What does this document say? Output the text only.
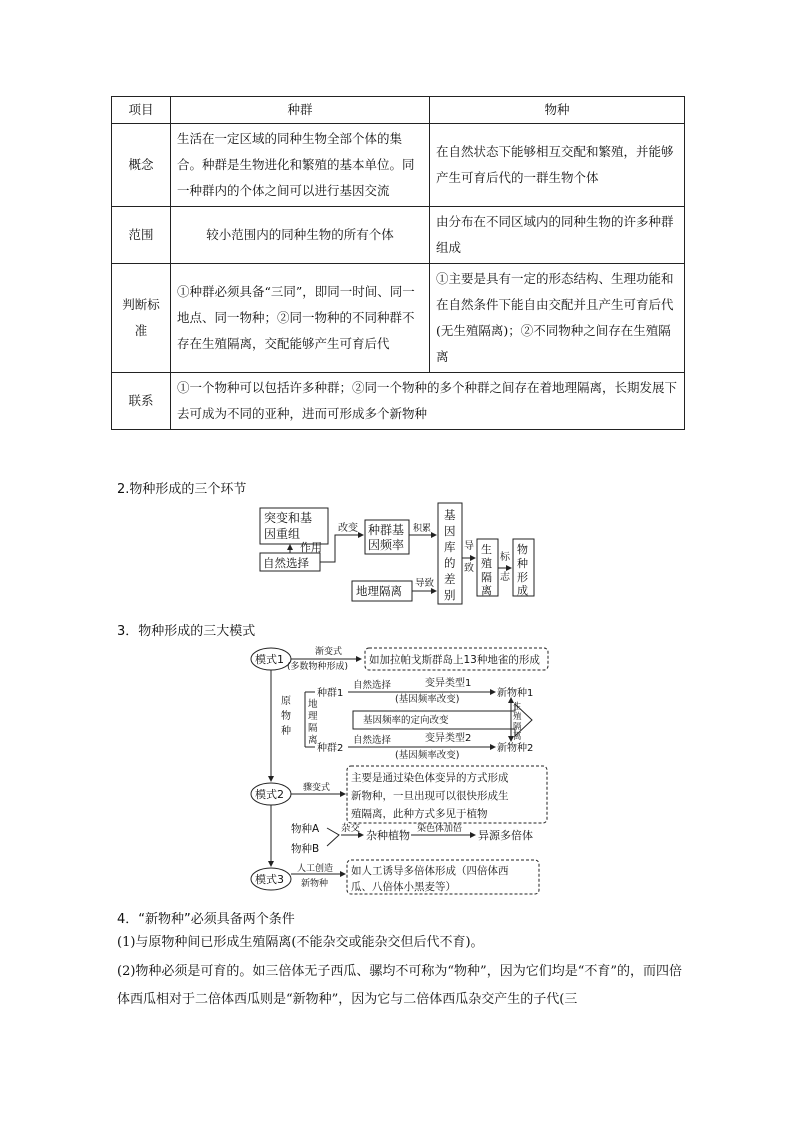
项目	种群	物种
概念	生活在一定区域的同种生物全部个体的集合。种群是生物进化和繁殖的基本单位。同一种群内的个体之间可以进行基因交流	在自然状态下能够相互交配和繁殖，并能够产生可育后代的一群生物个体
范围	较小范围内的同种生物的所有个体	由分布在不同区域内的同种生物的许多种群组成
判断标准	①种群必须具备“三同”，即同一时间、同一地点、同一物种；②同一物种的不同种群不存在生殖隔离，交配能够产生可育后代	①主要是具有一定的形态结构、生理功能和在自然条件下能自由交配并且产生可育后代(无生殖隔离)；②不同物种之间存在生殖隔离
联系	①一个物种可以包括许多种群；②同一个物种的多个种群之间存在着地理隔离，长期发展下去可成为不同的亚种，进而可形成多个新物种	
2.物种形成的三个环节
突变和基
因重组
作用
自然选择
改变 种群基
因频率
积累
基
因
库
的
差
别
导
致
生
殖
隔
离
标
志
物
种
形
成
地理隔离
导致
3．物种形成的三大模式
模式1
模式2
模式3
渐变式
(多数物种形成)
如加拉帕戈斯群岛上13种地雀的形成
原
物
种
地
理
隔
离
种群1
种群2
自然选择
自然选择
变异类型1
(基因频率改变)
变异类型2
(基因频率改变)
基因频率的定向改变
新物种1
新物种2
生
殖
隔
离
骤变式
主要是通过染色体变异的方式形成
新物种，一旦出现可以很快形成生
殖隔离，此种方式多见于植物
物种A
物种B
杂交
杂种植物 染色体加倍 异源多倍体
人工创造
新物种
如人工诱导多倍体形成（四倍体西
瓜、八倍体小黑麦等）
4．“新物种”必须具备两个条件
(1)与原物种间已形成生殖隔离(不能杂交或能杂交但后代不育)。
(2)物种必须是可育的。如三倍体无子西瓜、骡均不可称为“物种”，因为它们均是“不育”的，而四倍体西瓜相对于二倍体西瓜则是“新物种”，因为它与二倍体西瓜杂交产生的子代(三
